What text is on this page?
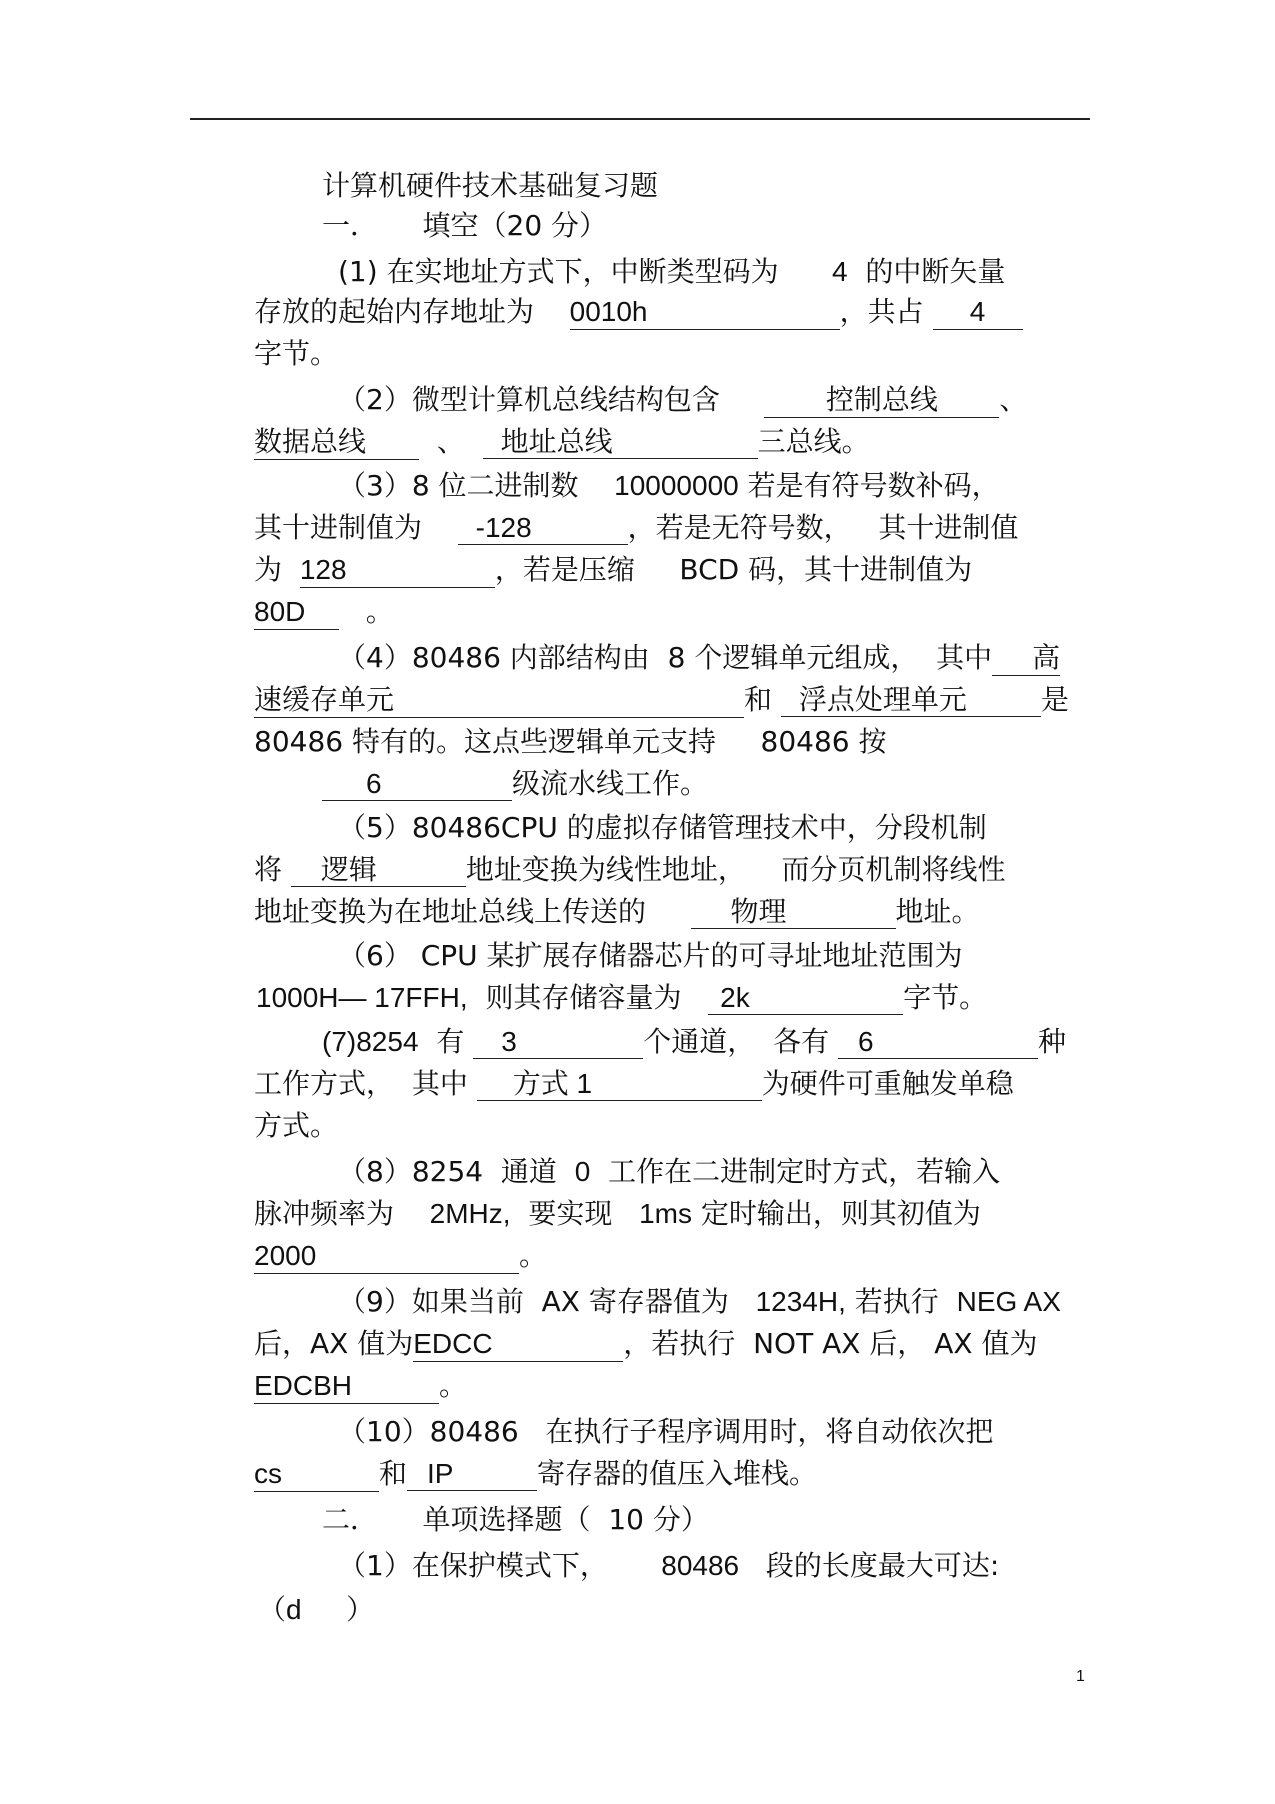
计算机硬件技术基础复习题
一． 填空（20 分）
(1) 在实地址方式下，中断类型码为 4 的中断矢量
存放的起始内存地址为 0010h	，共占 4
字节。
（2）微型计算机总线结构包含	控制总线 、
数据总线	、 地址总线	三总线。
（3）8 位二进制数 10000000 若是有符号数补码，
其十进制值为 -128	，若是无符号数， 其十进制值
为 128	，若是压缩 BCD 码，其十进制值为
80D 。
（4）80486 内部结构由 8 个逻辑单元组成， 其中 高
速缓存单元	和 浮点处理单元	是
80486 特有的。这点些逻辑单元支持 80486 按
6	级流水线工作。
（5）80486CPU 的虚拟存储管理技术中，分段机制
将 逻辑	地址变换为线性地址， 而分页机制将线性
地址变换为在地址总线上传送的	物理	地址。
（6） CPU 某扩展存储器芯片的可寻址地址范围为
1000H— 17FFH, 则其存储容量为 2k	字节。
(7)8254 有 3	个通道， 各有 6	种
工作方式， 其中 方式 1	为硬件可重触发单稳
方式。
（8）8254 通道 0 工作在二进制定时方式，若输入
脉冲频率为 2MHz, 要实现 1ms 定时输出，则其初值为
2000	。
（9）如果当前 AX 寄存器值为 1234H, 若执行 NEG AX
后，AX 值为EDCC	，若执行 NOT AX 后， AX 值为
EDCBH	。
（10）80486 在执行子程序调用时，将自动依次把
cs	和 IP	寄存器的值压入堆栈。
二． 单项选择题（ 10 分）
（1）在保护模式下， 80486 段的长度最大可达:
（d ）
1
